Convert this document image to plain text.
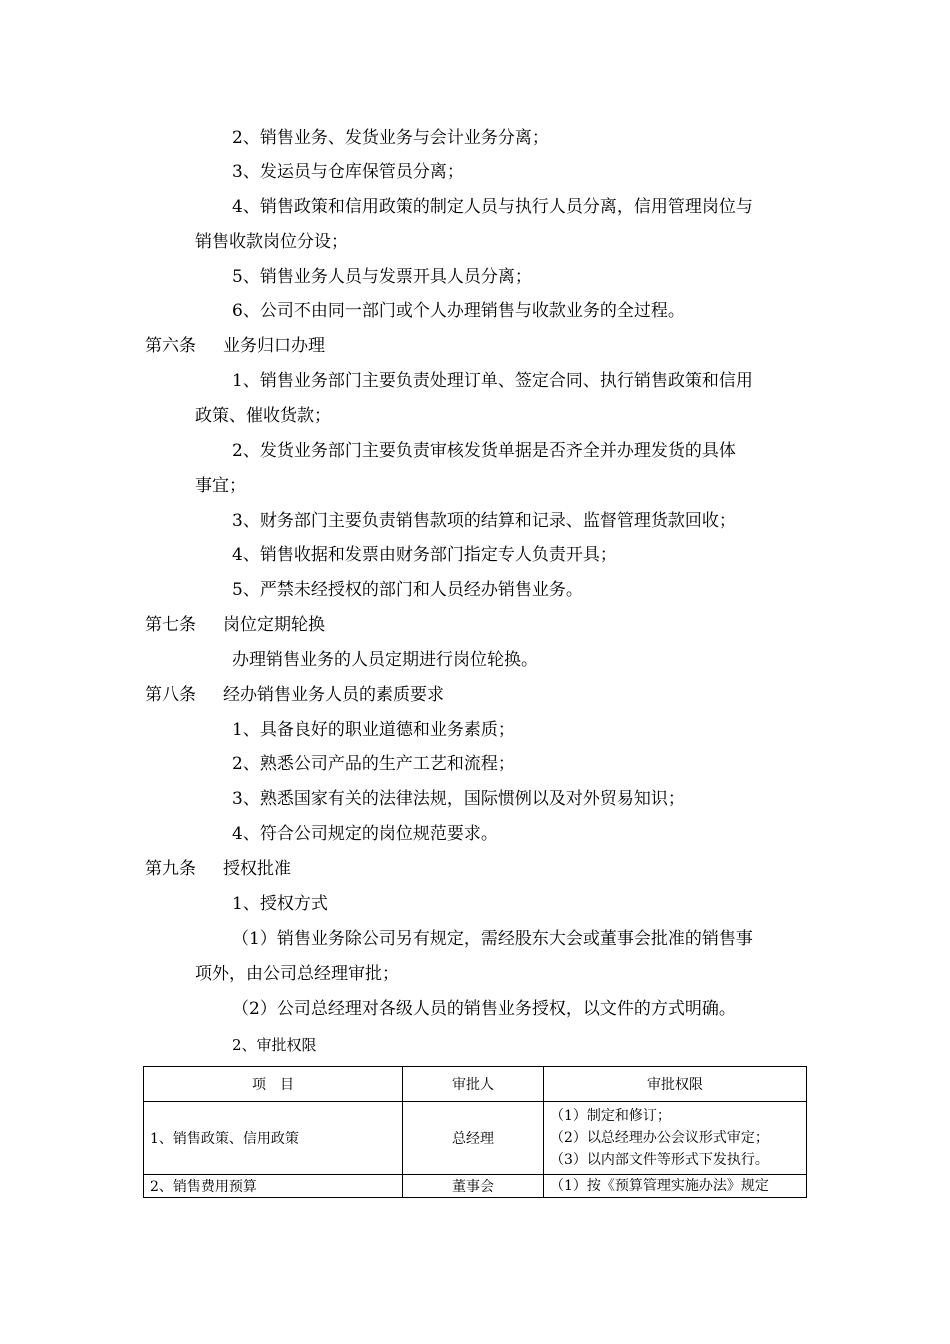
2、销售业务、发货业务与会计业务分离；
3、发运员与仓库保管员分离；
4、销售政策和信用政策的制定人员与执行人员分离，信用管理岗位与
销售收款岗位分设；
5、销售业务人员与发票开具人员分离；
6、公司不由同一部门或个人办理销售与收款业务的全过程。
第六条 业务归口办理
1、销售业务部门主要负责处理订单、签定合同、执行销售政策和信用
政策、催收货款；
2、发货业务部门主要负责审核发货单据是否齐全并办理发货的具体
事宜；
3、财务部门主要负责销售款项的结算和记录、监督管理货款回收；
4、销售收据和发票由财务部门指定专人负责开具；
5、严禁未经授权的部门和人员经办销售业务。
第七条 岗位定期轮换
办理销售业务的人员定期进行岗位轮换。
第八条 经办销售业务人员的素质要求
1、具备良好的职业道德和业务素质；
2、熟悉公司产品的生产工艺和流程；
3、熟悉国家有关的法律法规，国际惯例以及对外贸易知识；
4、符合公司规定的岗位规范要求。
第九条 授权批准
1、授权方式
（1）销售业务除公司另有规定，需经股东大会或董事会批准的销售事
项外，由公司总经理审批；
（2）公司总经理对各级人员的销售业务授权，以文件的方式明确。
2、审批权限
项　目	审批人	审批权限
1、销售政策、信用政策	总经理	（1）制定和修订；
（2）以总经理办公会议形式审定；
（3）以内部文件等形式下发执行。

2、销售费用预算	董事会	（1）按《预算管理实施办法》规定
